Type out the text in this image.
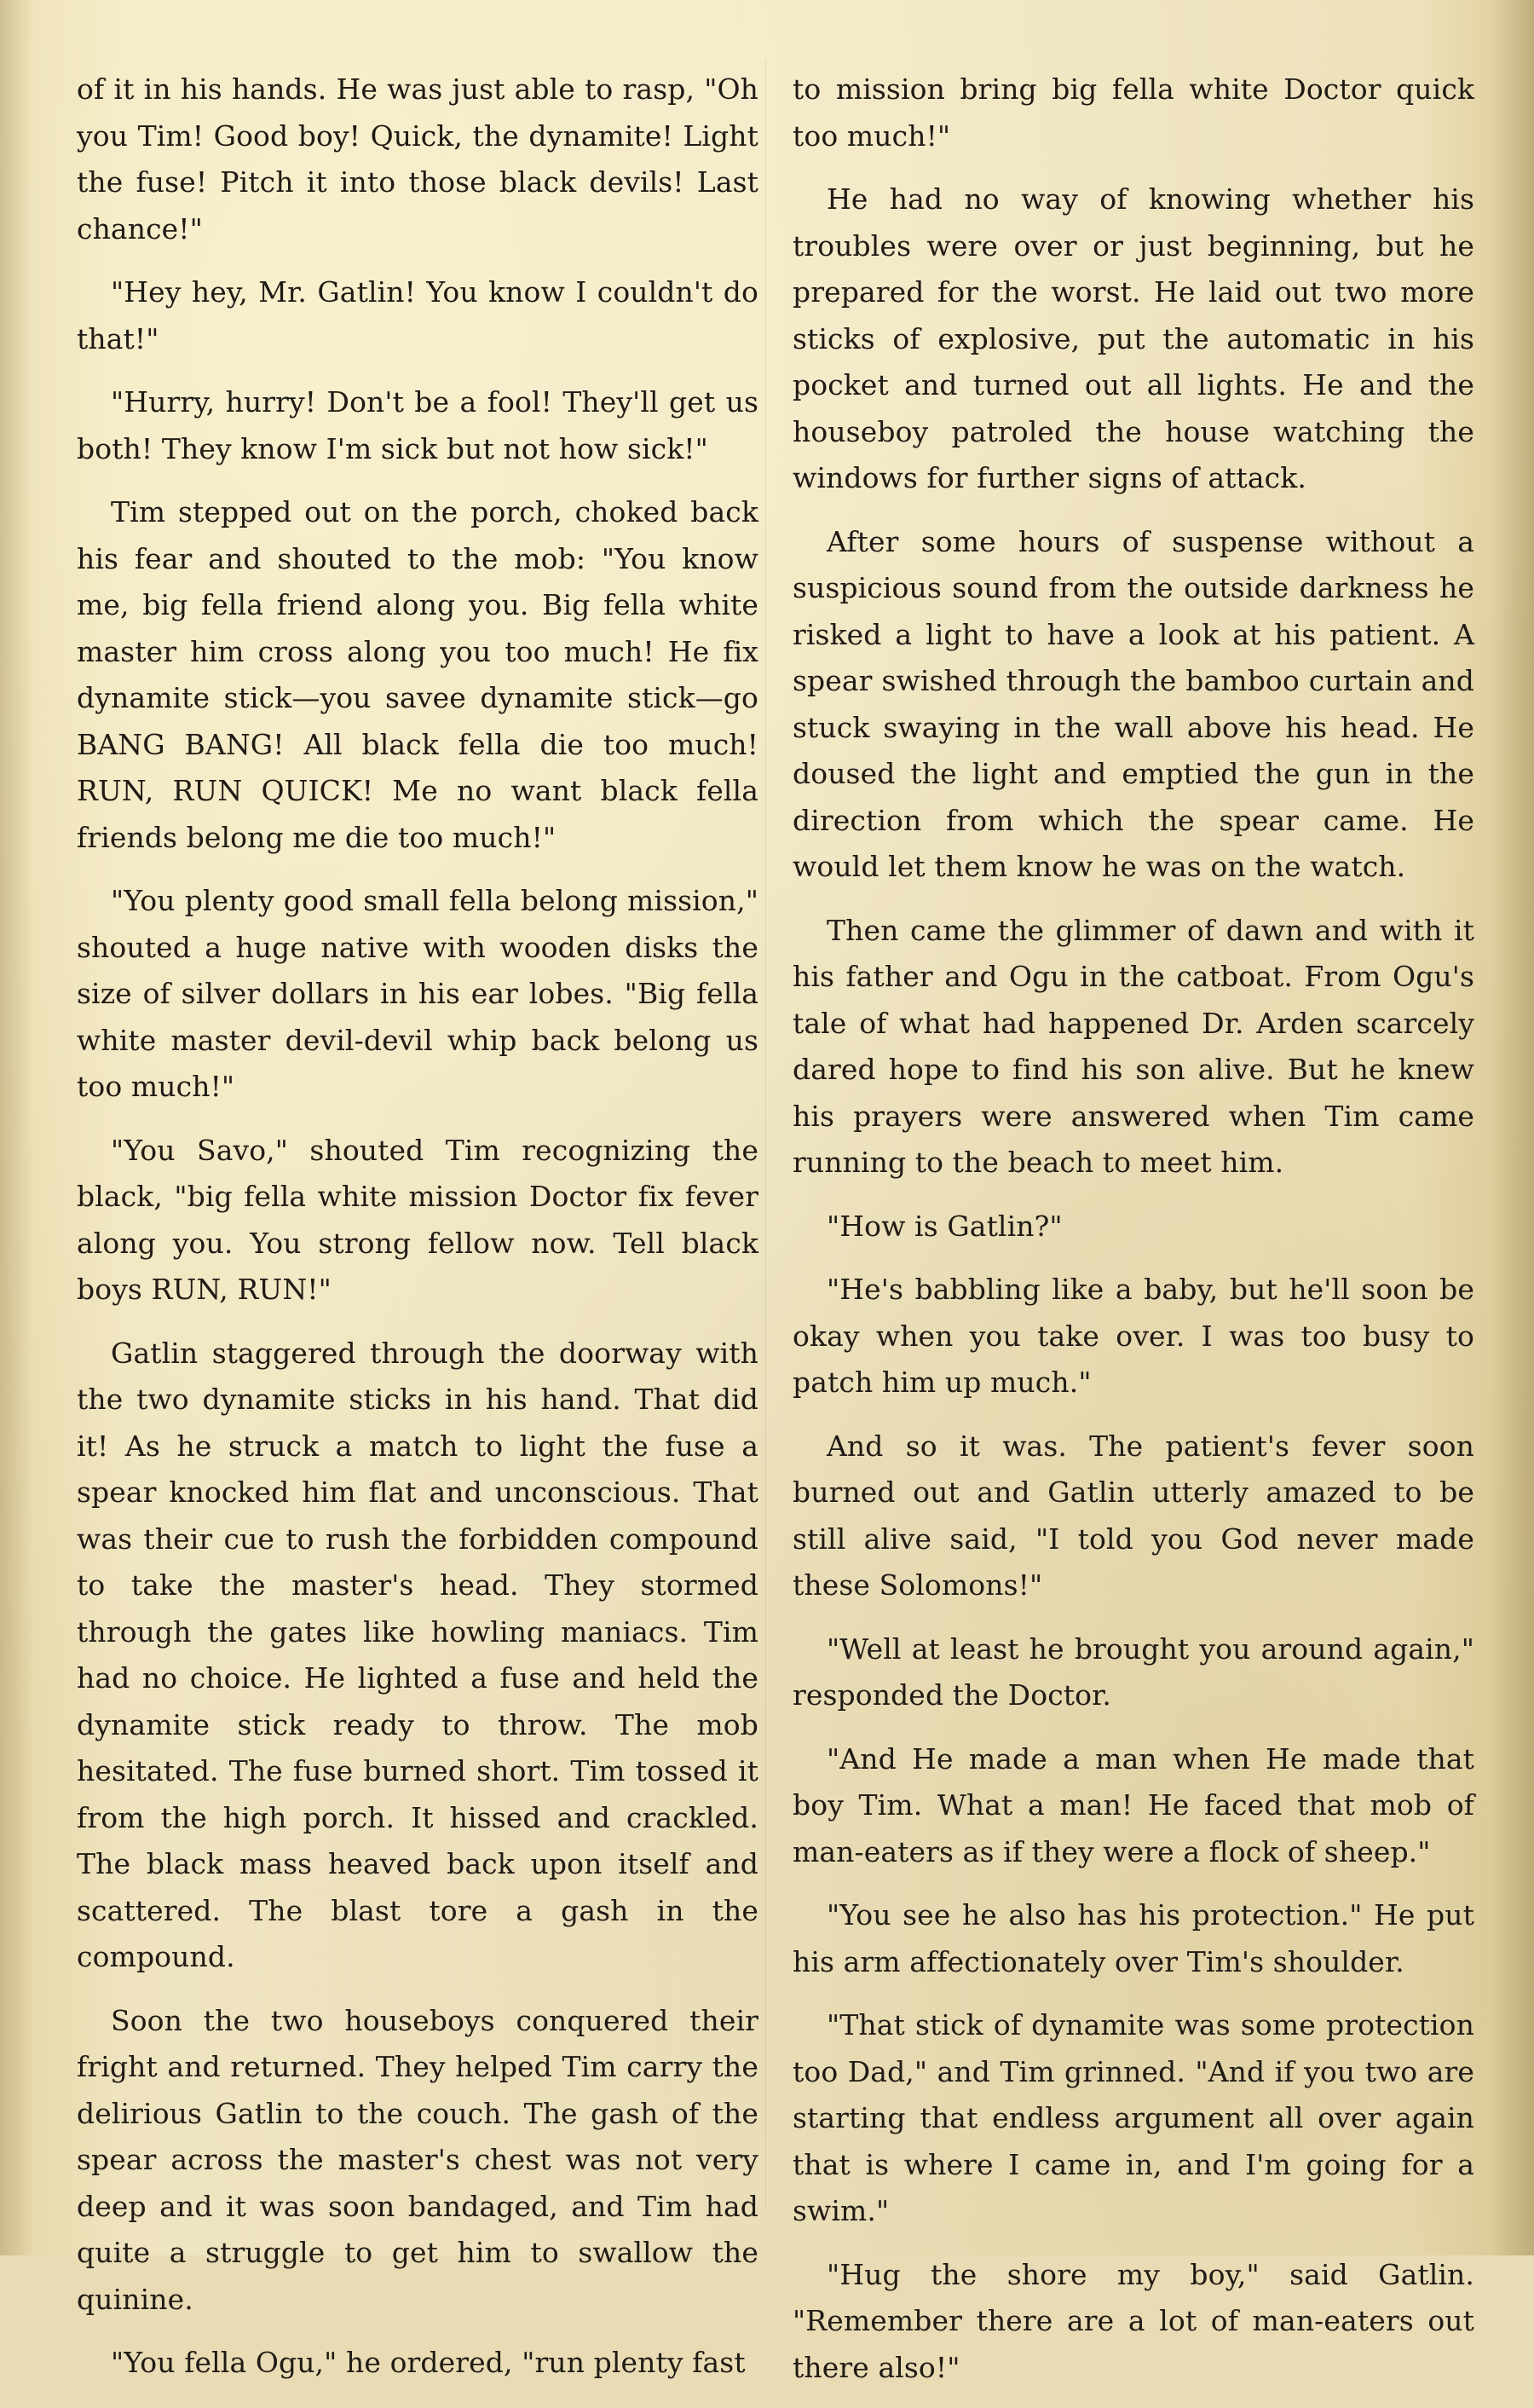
of it in his hands. He was just able to rasp, "Oh you Tim! Good boy! Quick, the dynamite! Light the fuse! Pitch it into those black devils! Last chance!"

"Hey hey, Mr. Gatlin! You know I couldn't do that!"

"Hurry, hurry! Don't be a fool! They'll get us both! They know I'm sick but not how sick!"

Tim stepped out on the porch, choked back his fear and shouted to the mob: "You know me, big fella friend along you. Big fella white master him cross along you too much! He fix dynamite stick—you savee dynamite stick—go BANG BANG! All black fella die too much! RUN, RUN QUICK! Me no want black fella friends belong me die too much!"

"You plenty good small fella belong mission," shouted a huge native with wooden disks the size of silver dollars in his ear lobes. "Big fella white master devil-devil whip back belong us too much!"

"You Savo," shouted Tim recognizing the black, "big fella white mission Doctor fix fever along you. You strong fellow now. Tell black boys RUN, RUN!"

Gatlin staggered through the doorway with the two dynamite sticks in his hand. That did it! As he struck a match to light the fuse a spear knocked him flat and unconscious. That was their cue to rush the forbidden compound to take the master's head. They stormed through the gates like howling maniacs. Tim had no choice. He lighted a fuse and held the dynamite stick ready to throw. The mob hesitated. The fuse burned short. Tim tossed it from the high porch. It hissed and crackled. The black mass heaved back upon itself and scattered. The blast tore a gash in the compound.

Soon the two houseboys conquered their fright and returned. They helped Tim carry the delirious Gatlin to the couch. The gash of the spear across the master's chest was not very deep and it was soon bandaged, and Tim had quite a struggle to get him to swallow the quinine.

"You fella Ogu," he ordered, "run plenty fast

to mission bring big fella white Doctor quick too much!"

He had no way of knowing whether his troubles were over or just beginning, but he prepared for the worst. He laid out two more sticks of explosive, put the automatic in his pocket and turned out all lights. He and the houseboy patroled the house watching the windows for further signs of attack.

After some hours of suspense without a suspicious sound from the outside darkness he risked a light to have a look at his patient. A spear swished through the bamboo curtain and stuck swaying in the wall above his head. He doused the light and emptied the gun in the direction from which the spear came. He would let them know he was on the watch.

Then came the glimmer of dawn and with it his father and Ogu in the catboat. From Ogu's tale of what had happened Dr. Arden scarcely dared hope to find his son alive. But he knew his prayers were answered when Tim came running to the beach to meet him.

"How is Gatlin?"

"He's babbling like a baby, but he'll soon be okay when you take over. I was too busy to patch him up much."

And so it was. The patient's fever soon burned out and Gatlin utterly amazed to be still alive said, "I told you God never made these Solomons!"

"Well at least he brought you around again," responded the Doctor.

"And He made a man when He made that boy Tim. What a man! He faced that mob of man-eaters as if they were a flock of sheep."

"You see he also has his protection." He put his arm affectionately over Tim's shoulder.

"That stick of dynamite was some protection too Dad," and Tim grinned. "And if you two are starting that endless argument all over again that is where I came in, and I'm going for a swim."

"Hug the shore my boy," said Gatlin. "Remember there are a lot of man-eaters out there also!"
